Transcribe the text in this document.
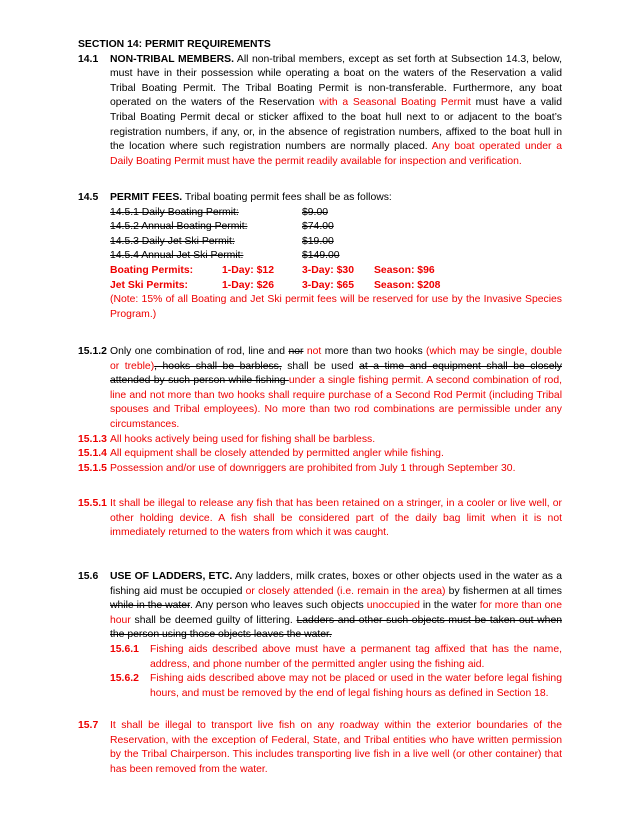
SECTION 14: PERMIT REQUIREMENTS
14.1	NON-TRIBAL MEMBERS. All non-tribal members, except as set forth at Subsection 14.3, below, must have in their possession while operating a boat on the waters of the Reservation a valid Tribal Boating Permit. The Tribal Boating Permit is non-transferable. Furthermore, any boat operated on the waters of the Reservation with a Seasonal Boating Permit must have a valid Tribal Boating Permit decal or sticker affixed to the boat hull next to or adjacent to the boat’s registration numbers, if any, or, in the absence of registration numbers, affixed to the boat hull in the location where such registration numbers are normally placed. Any boat operated under a Daily Boating Permit must have the permit readily available for inspection and verification.
14.5	PERMIT FEES. Tribal boating permit fees shall be as follows:
14.5.1 Daily Boating Permit:	$9.00
14.5.2 Annual Boating Permit:	$74.00
14.5.3 Daily Jet Ski Permit:	$19.00
14.5.4 Annual Jet Ski Permit:	$149.00
Boating Permits:	1-Day: $12	3-Day: $30	Season: $96
Jet Ski Permits:	1-Day: $26	3-Day: $65	Season: $208
(Note: 15% of all Boating and Jet Ski permit fees will be reserved for use by the Invasive Species Program.)
15.1.2 Only one combination of rod, line and nor not more than two hooks (which may be single, double or treble), hooks shall be barbless, shall be used at a time and equipment shall be closely attended by such person while fishing under a single fishing permit. A second combination of rod, line and not more than two hooks shall require purchase of a Second Rod Permit (including Tribal spouses and Tribal employees). No more than two rod combinations are permissible under any circumstances.
15.1.3 All hooks actively being used for fishing shall be barbless.
15.1.4 All equipment shall be closely attended by permitted angler while fishing.
15.1.5 Possession and/or use of downriggers are prohibited from July 1 through September 30.
15.5.1 It shall be illegal to release any fish that has been retained on a stringer, in a cooler or live well, or other holding device. A fish shall be considered part of the daily bag limit when it is not immediately returned to the waters from which it was caught.
15.6	USE OF LADDERS, ETC. Any ladders, milk crates, boxes or other objects used in the water as a fishing aid must be occupied or closely attended (i.e. remain in the area) by fishermen at all times while in the water. Any person who leaves such objects unoccupied in the water for more than one hour shall be deemed guilty of littering. Ladders and other such objects must be taken out when the person using those objects leaves the water.
15.6.1	Fishing aids described above must have a permanent tag affixed that has the name, address, and phone number of the permitted angler using the fishing aid.
15.6.2	Fishing aids described above may not be placed or used in the water before legal fishing hours, and must be removed by the end of legal fishing hours as defined in Section 18.
15.7	It shall be illegal to transport live fish on any roadway within the exterior boundaries of the Reservation, with the exception of Federal, State, and Tribal entities who have written permission by the Tribal Chairperson. This includes transporting live fish in a live well (or other container) that has been removed from the water.
